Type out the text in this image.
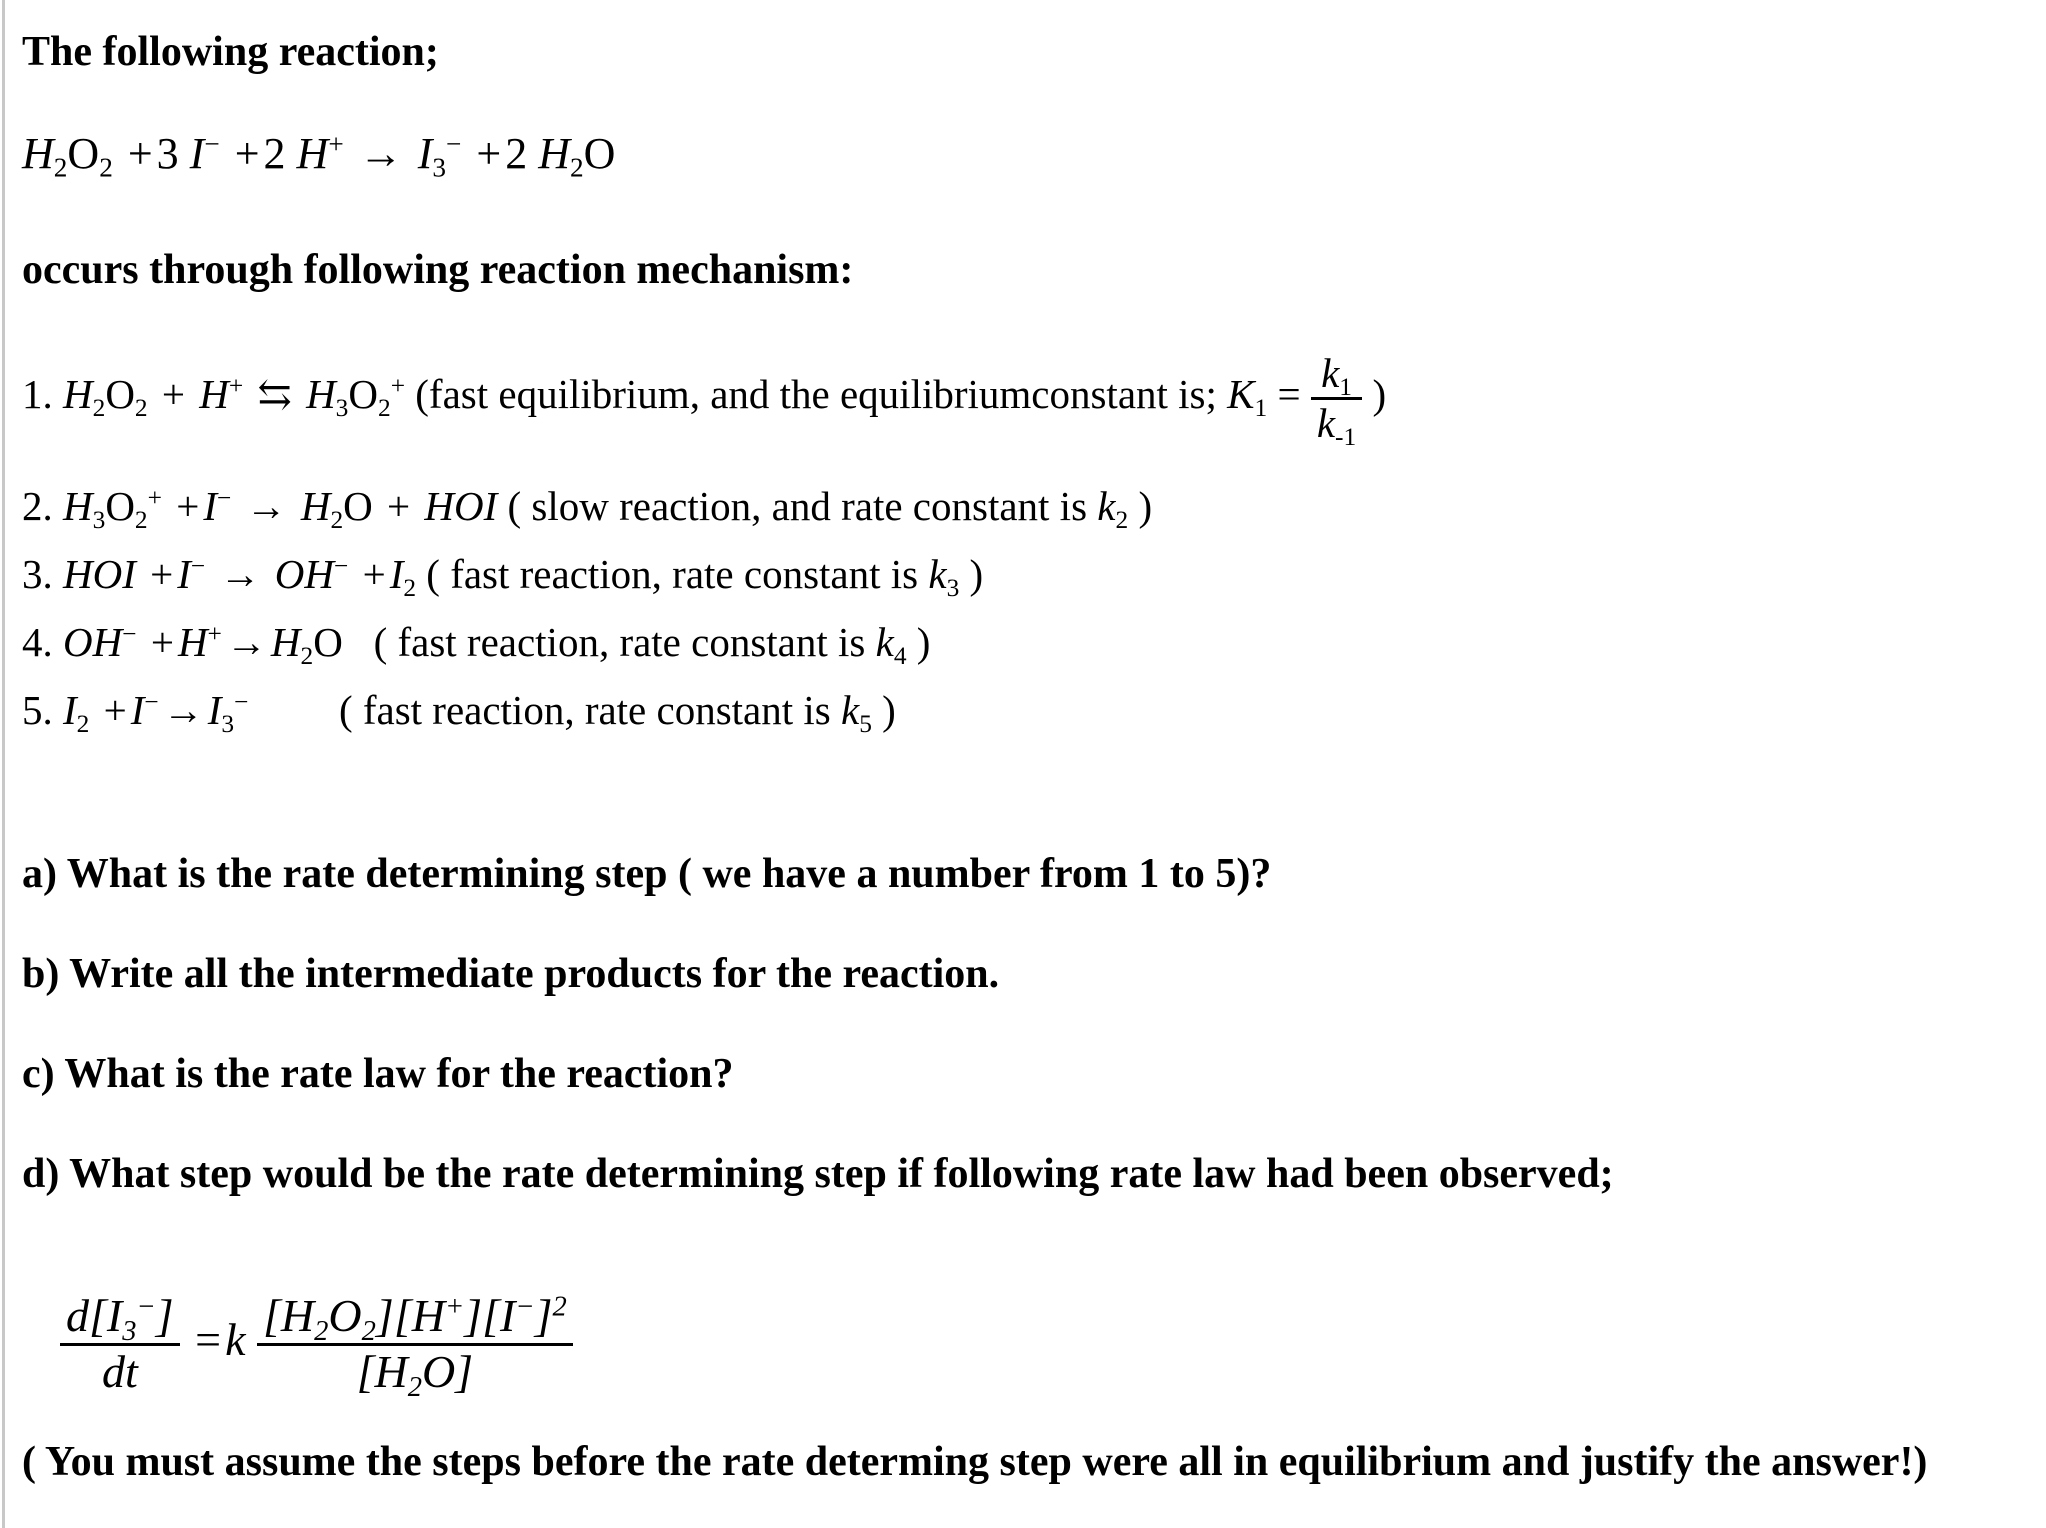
The following reaction;
$H_2O_2 +3$ I− +2 $H^+ \to I_3^- +2$ $H_2O$
occurs through following reaction mechanism:
1. $H_2O_2 + H^+$ ⇆ $H_3O_2^+$ (fast equilibrium, and the equilibriumconstant is; $K_1 = \frac{k_1}{k_{-1}}$ )
2. $H_3O_2^+ +I^- \to H_2O$ + HOI ( slow reaction, and rate constant is $k_2$ )
3. HOI $+I^- \to OH^- +I_2$ ( fast reaction, rate constant is $k_3$ )
4. $OH^- +H^+\to H_2O$   ( fast reaction, rate constant is $k_4$ )
5. $I_2 +I^-\to I_3^-$ ( fast reaction, rate constant is $k_5$ )
a) What is the rate determining step ( we have a number from 1 to 5)?
b) Write all the intermediate products for the reaction.
c) What is the rate law for the reaction?
d) What step would be the rate determining step if following rate law had been observed;
$\frac{d[I_3^-]}{dt} =k \frac{[H_2O_2][H^+][I^-]^2}{[H_2O]}$
( You must assume the steps before the rate determing step were all in equilibrium and justify the answer!)
